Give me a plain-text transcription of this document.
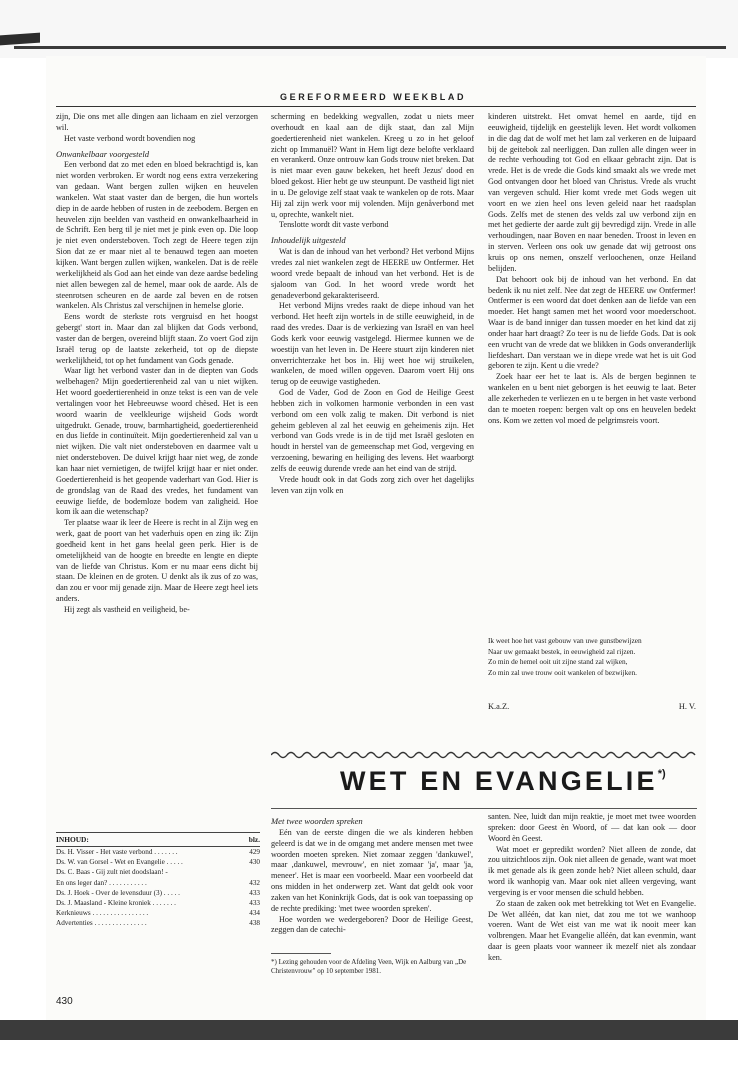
GEREFORMEERD WEEKBLAD

zijn, Die ons met alle dingen aan lichaam en ziel verzorgen wil.

Het vaste verbond wordt bovendien nog

Onwankelbaar voorgesteld

Een verbond dat zo met eden en bloed bekrachtigd is, kan niet worden verbroken. Er wordt nog eens extra verzekering van gedaan. Want bergen zullen wijken en heuvelen wankelen. Wat staat vaster dan de bergen, die hun wortels diep in de aarde hebben of rusten in de zeebodem. Bergen en heuvelen zijn beelden van vastheid en onwankelbaarheid in de Schrift. Een berg til je niet met je pink even op. Die loop je niet even ondersteboven. Toch zegt de Heere tegen zijn Sion dat ze er maar niet al te benauwd tegen aan moeten kijken. Want bergen zullen wijken, wankelen. Dat is de reële werkelijkheid als God aan het einde van deze aardse bedeling niet allen bewegen zal de hemel, maar ook de aarde. Als de steenrotsen scheuren en de aarde zal beven en de rotsen wankelen. Als Christus zal verschijnen in hemelse glorie.

Eens wordt de sterkste rots vergruisd en het hoogst gebergt' stort in. Maar dan zal blijken dat Gods verbond, vaster dan de bergen, overeind blijft staan. Zo voert God zijn Israël terug op de laatste zekerheid, tot op de diepste werkelijkheid, tot op het fundament van Gods genade.

Waar ligt het verbond vaster dan in de diepten van Gods welbehagen? Mijn goedertierenheid zal van u niet wijken. Het woord goedertierenheid in onze tekst is een van de vele vertalingen voor het Hebreeuwse woord chèsed. Het is een woord waarin de veelkleurige wijsheid Gods wordt uitgedrukt. Genade, trouw, barmhartigheid, goedertierenheid en dus liefde in continuïteit. Mijn goedertierenheid zal van u niet wijken. Die valt niet ondersteboven en daarmee valt u niet ondersteboven. De duivel krijgt haar niet weg, de zonde kan haar niet vernietigen, de twijfel krijgt haar er niet onder. Goedertierenheid is het geopende vaderhart van God. Hier is de grondslag van de Raad des vredes, het fundament van eeuwige liefde, de bodemloze bodem van zaligheid. Hoe kom ik aan die wetenschap?

Ter plaatse waar ik leer de Heere is recht in al Zijn weg en werk, gaat de poort van het vaderhuis open en zing ik: Zijn goedheid kent in het gans heelal geen perk. Hier is de ometelijkheid van de hoogte en breedte en lengte en diepte van de liefde van Christus. Kom er nu maar eens dicht bij staan. De kleinen en de groten. U denkt als ik zus of zo was, dan zou er voor mij genade zijn. Maar de Heere zegt heel iets anders.

Hij zegt als vastheid en veiligheid, be-

scherming en bedekking wegvallen, zodat u niets meer overhoudt en kaal aan de dijk staat, dan zal Mijn goedertierenheid niet wankelen. Kreeg u zo in het geloof zicht op Immanuël? Want in Hem ligt deze belofte verklaard en verankerd. Onze ontrouw kan Gods trouw niet breken. Dat is niet maar even gauw bekeken, het heeft Jezus' dood en bloed gekost. Hier hebt ge uw steunpunt. De vastheid ligt niet in u. De gelovige zelf staat vaak te wankelen op de rots. Maar Hij zal zijn werk voor mij volenden. Mijn genåverbond met u, oprechte, wankelt niet.

Tenslotte wordt dit vaste verbond

Inhoudelijk uitgesteld

Wat is dan de inhoud van het verbond? Het verbond Mijns vredes zal niet wankelen zegt de HEERE uw Ontfermer. Het woord vrede bepaalt de inhoud van het verbond. Het is de sjaloom van God. In het woord vrede wordt het genadeverbond gekarakteriseerd.

Het verbond Mijns vredes raakt de diepe inhoud van het verbond. Het heeft zijn wortels in de stille eeuwigheid, in de raad des vredes. Daar is de verkiezing van Israël en van heel Gods kerk voor eeuwig vastgelegd. Hiermee kunnen we de woestijn van het leven in. De Heere stuurt zijn kinderen niet onverrichterzake het bos in. Hij weet hoe wij struikelen, wankelen, de moed willen opgeven. Daarom voert Hij ons terug op de eeuwige vastigheden.

God de Vader, God de Zoon en God de Heilige Geest hebben zich in volkomen harmonie verbonden in een vast verbond om een volk zalig te maken. Dit verbond is niet geheim gebleven al zal het eeuwig en geheimenis zijn. Het verbond van Gods vrede is in de tijd met Israël gesloten en houdt in herstel van de gemeenschap met God, vergeving en verzoening, bewaring en heiliging des levens. Het waarborgt zelfs de eeuwig durende vrede aan het eind van de strijd.

Vrede houdt ook in dat Gods zorg zich over het dagelijks leven van zijn volk en

kinderen uitstrekt. Het omvat hemel en aarde, tijd en eeuwigheid, tijdelijk en geestelijk leven. Het wordt volkomen in die dag dat de wolf met het lam zal verkeren en de luipaard bij de geitebok zal neerliggen. Dan zullen alle dingen weer in de rechte verhouding tot God en elkaar gebracht zijn. Dat is vrede. Het is de vrede die Gods kind smaakt als we vrede met God ontvangen door het bloed van Christus. Vrede als vrucht van vergeven schuld. Hier komt vrede met Gods wegen uit voort en we zien heel ons leven geleid naar het raadsplan Gods. Zelfs met de stenen des velds zal uw verbond zijn en met het gedierte der aarde zult gij bevredigd zijn. Vrede in alle verhoudingen, naar Boven en naar beneden. Troost in leven en in sterven. Verleen ons ook uw genade dat wij getroost ons kruis op ons nemen, onszelf verloochenen, onze Heiland belijden.

Dat behoort ook bij de inhoud van het verbond. En dat bedenk ik nu niet zelf. Nee dat zegt de HEERE uw Ontfermer! Ontfermer is een woord dat doet denken aan de liefde van een moeder. Het hangt samen met het woord voor moederschoot. Waar is de band inniger dan tussen moeder en het kind dat zij onder haar hart draagt? Zo teer is nu de liefde Gods. Dat is ook een vrucht van de vrede dat we blikken in Gods onveranderlijk liefdeshart. Dan verstaan we in diepe vrede wat het is uit God geboren te zijn. Kent u die vrede?

Zoek haar eer het te laat is. Als de bergen beginnen te wankelen en u bent niet geborgen is het eeuwig te laat. Beter alle zekerheden te verliezen en u te bergen in het vaste verbond dan te moeten roepen: bergen valt op ons en heuvelen bedekt ons. Kom we zetten vol moed de pelgrimsreis voort.

Ik weet hoe het vast gebouw van uwe gunstbewijzen
Naar uw gemaakt bestek, in eeuwigheid zal rijzen.
Zo min de hemel ooit uit zijne stand zal wijken,
Zo min zal uwe trouw ooit wankelen of bezwijken.
K.a.Z.	H. V.
WET EN EVANGELIE*)
Met twee woorden spreken

Eén van de eerste dingen die we als kinderen hebben geleerd is dat we in de omgang met andere mensen met twee woorden moeten spreken. Niet zomaar zeggen 'dankuwel', maar ,dankuwel, mevrouw', en niet zomaar 'ja', maar 'ja, meneer'. Het is maar een voorbeeld. Maar een voorbeeld dat ons midden in het onderwerp zet. Want dat geldt ook voor zaken van het Koninkrijk Gods, dat is ook van toepassing op de rechte prediking: 'met twee woorden spreken'.

Hoe worden we wedergeboren? Door de Heilige Geest, zeggen dan de catechi-

santen. Nee, luidt dan mijn reaktie, je moet met twee woorden spreken: door Geest èn Woord, of — dat kan ook — door Woord èn Geest.

Wat moet er gepredikt worden? Niet alleen de zonde, dat zou uitzichtloos zijn. Ook niet alleen de genade, want wat moet ik met genade als ik geen zonde heb? Niet alleen schuld, daar word ik wanhopig van. Maar ook niet alleen vergeving, want vergeving is er voor mensen die schuld hebben.

Zo staan de zaken ook met betrekking tot Wet en Evangelie. De Wet alléén, dat kan niet, dat zou me tot we wanhoop voeren. Want de Wet eist van me wat ik nooit meer kan volbrengen. Maar het Evangelie alléén, dat kan evenmin, want daar is geen plaats voor wanneer ik mezelf niet als zondaar ken.

*) Lezing gehouden voor de Afdeling Veen, Wijk en Aalburg van „De Christenvrouw" op 10 september 1981.
INHOUD:	blz.
Ds. H. Visser - Het vaste verbond . . . . . . .	429
Ds. W. van Gorsel - Wet en Evangelie . . . . .	430
Ds. C. Baas - Gij zult niet doodslaan! -
En ons leger dan? . . . . . . . . . . .	432
Ds. J. Hoek - Over de levensduur (3) . . . . .	433
Ds. J. Maasland - Kleine kroniek . . . . . . .	433
Kerknieuws . . . . . . . . . . . . . . . .	434
Advertenties . . . . . . . . . . . . . . .	438
430
